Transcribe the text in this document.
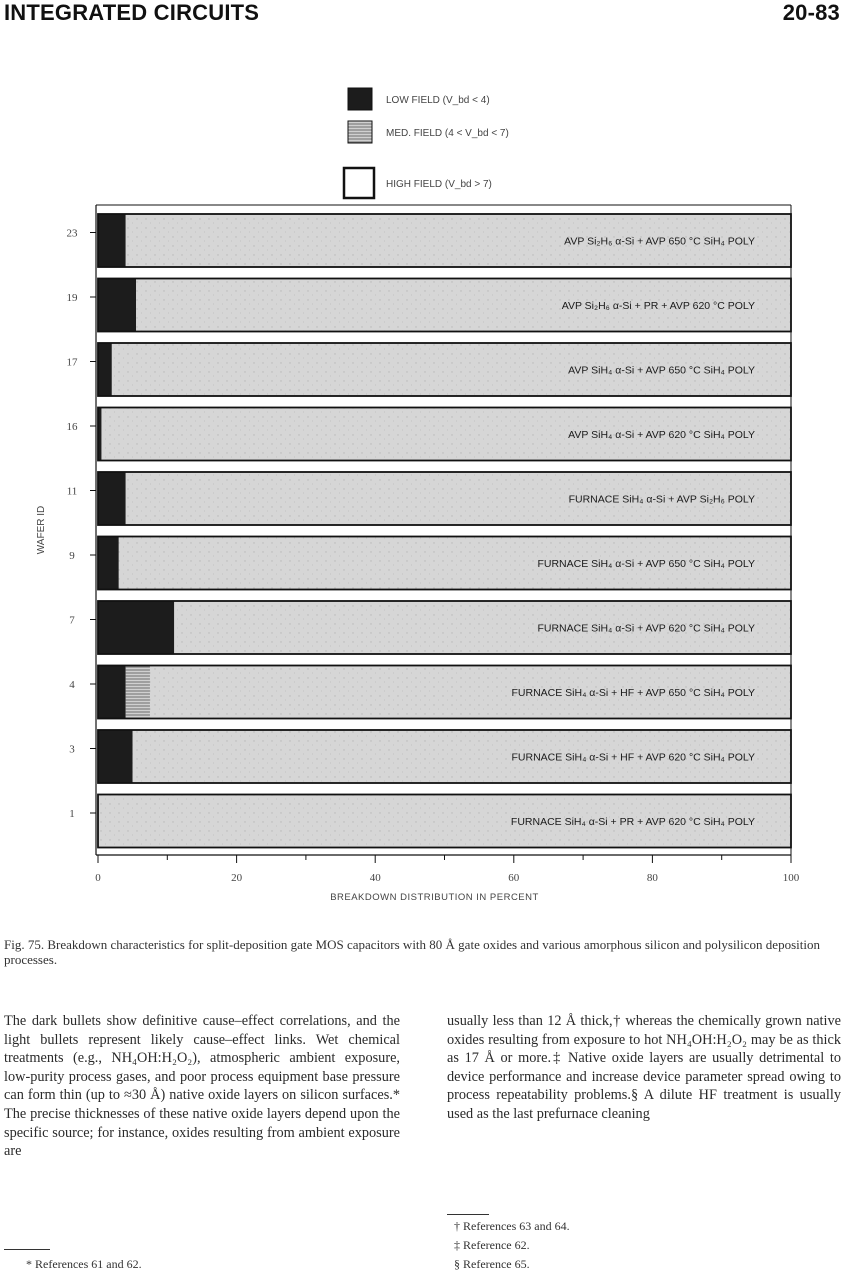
INTEGRATED CIRCUITS	20-83
LOW FIELD (V_bd < 4)
MED. FIELD (4 < V_bd < 7)
HIGH FIELD (V_bd > 7)
AVP Si₂H₆ α-Si + AVP 650 °C SiH₄ POLY
23
AVP Si₂H₆ α-Si + PR + AVP 620 °C POLY
19
AVP SiH₄ α-Si + AVP 650 °C SiH₄ POLY
17
AVP SiH₄ α-Si + AVP 620 °C SiH₄ POLY
16
FURNACE SiH₄ α-Si + AVP Si₂H₆ POLY
11
FURNACE SiH₄ α-Si + AVP 650 °C SiH₄ POLY
9
FURNACE SiH₄ α-Si + AVP 620 °C SiH₄ POLY
7
FURNACE SiH₄ α-Si + HF + AVP 650 °C SiH₄ POLY
4
FURNACE SiH₄ α-Si + HF + AVP 620 °C SiH₄ POLY
3
FURNACE SiH₄ α-Si + PR + AVP 620 °C SiH₄ POLY
1
0	20	40	60	80	100
BREAKDOWN DISTRIBUTION IN PERCENT
WAFER ID
Fig. 75. Breakdown characteristics for split-deposition gate MOS capacitors with 80 Å gate oxides and various amorphous silicon and polysilicon deposition processes.
The dark bullets show definitive cause–effect correlations, and the light bullets represent likely cause–effect links. Wet chemical treatments (e.g., NH₄OH:H₂O₂), atmospheric ambient exposure, low-purity process gases, and poor process equipment base pressure can form thin (up to ≈30 Å) native oxide layers on silicon surfaces.* The precise thicknesses of these native oxide layers depend upon the specific source; for instance, oxides resulting from ambient exposure are
usually less than 12 Å thick,† whereas the chemically grown native oxides resulting from exposure to hot NH₄OH:H₂O₂ may be as thick as 17 Å or more.‡ Native oxide layers are usually detrimental to device performance and increase device parameter spread owing to process repeatability problems.§ A dilute HF treatment is usually used as the last prefurnace cleaning
† References 63 and 64.
‡ Reference 62.
§ Reference 65.
* References 61 and 62.
